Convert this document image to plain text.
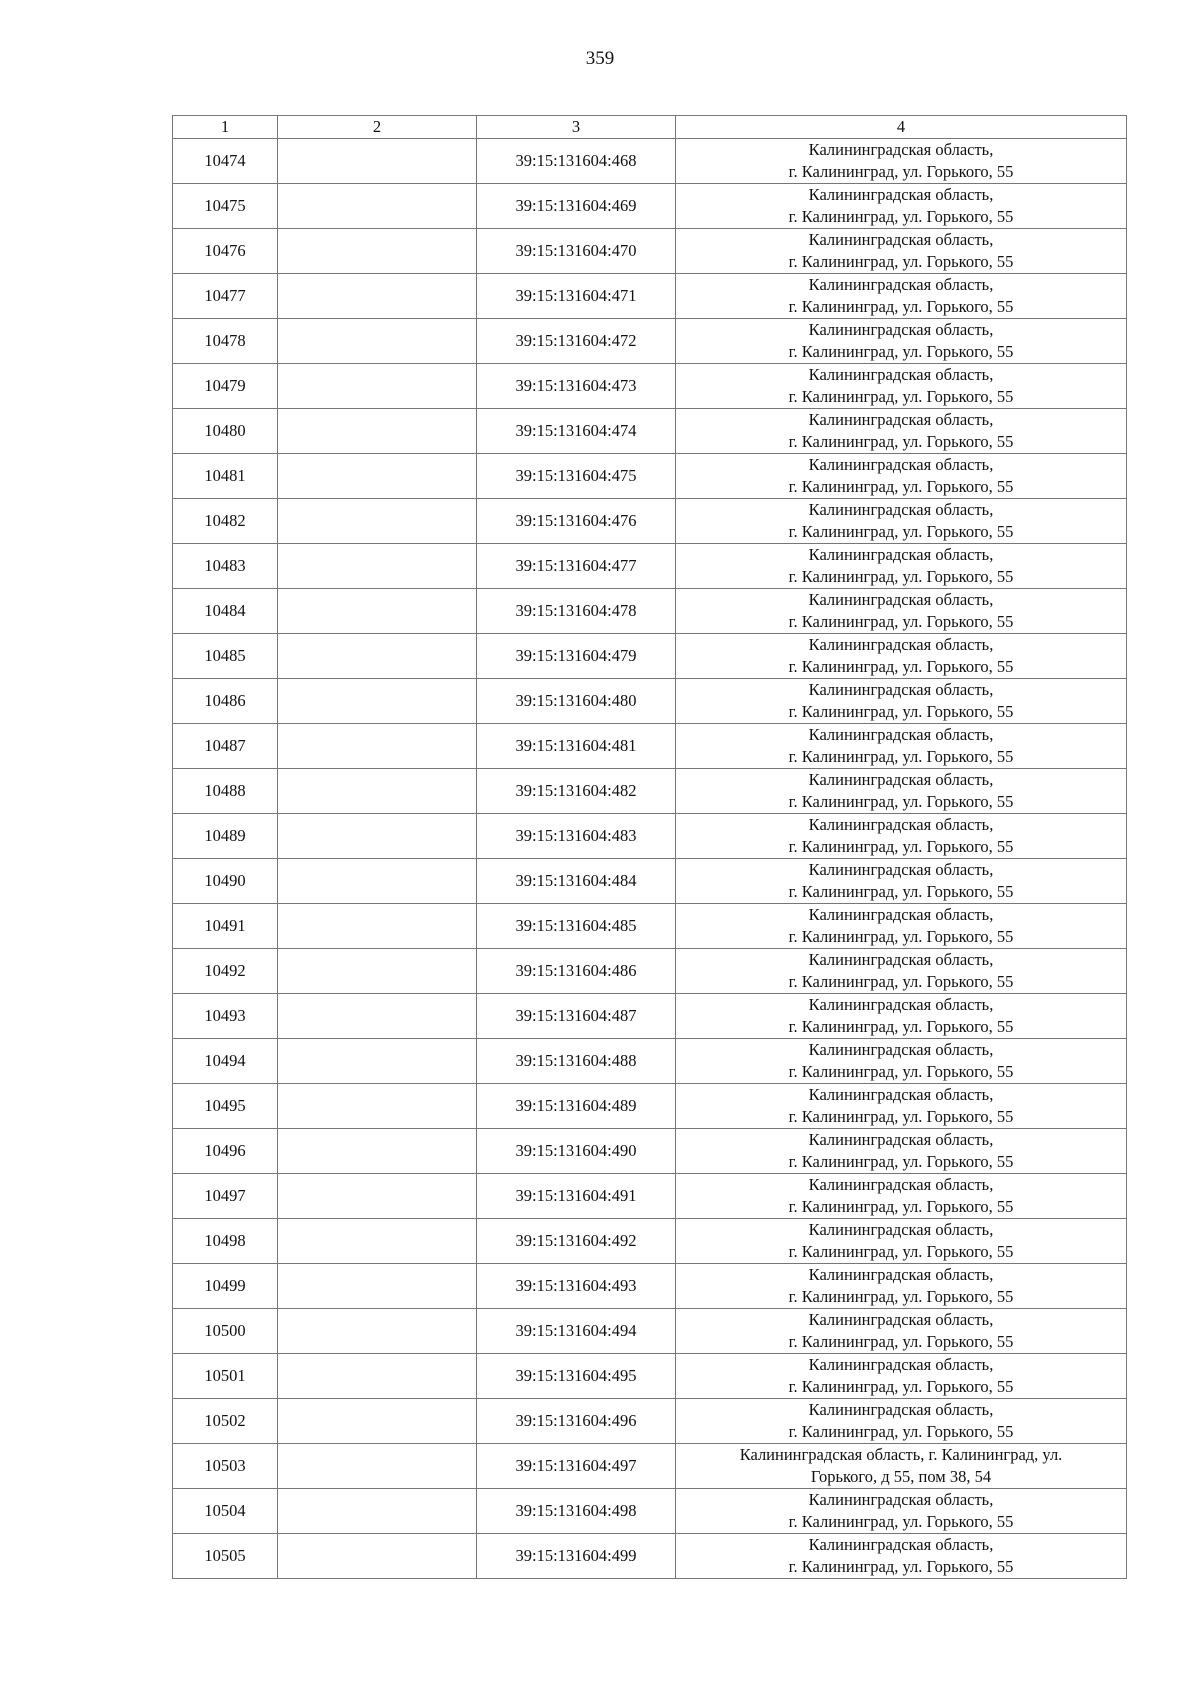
359
1	2	3	4
10474		39:15:131604:468	Калининградская область,
г. Калининград, ул. Горького, 55

10475		39:15:131604:469	Калининградская область,
г. Калининград, ул. Горького, 55

10476		39:15:131604:470	Калининградская область,
г. Калининград, ул. Горького, 55

10477		39:15:131604:471	Калининградская область,
г. Калининград, ул. Горького, 55

10478		39:15:131604:472	Калининградская область,
г. Калининград, ул. Горького, 55

10479		39:15:131604:473	Калининградская область,
г. Калининград, ул. Горького, 55

10480		39:15:131604:474	Калининградская область,
г. Калининград, ул. Горького, 55

10481		39:15:131604:475	Калининградская область,
г. Калининград, ул. Горького, 55

10482		39:15:131604:476	Калининградская область,
г. Калининград, ул. Горького, 55

10483		39:15:131604:477	Калининградская область,
г. Калининград, ул. Горького, 55

10484		39:15:131604:478	Калининградская область,
г. Калининград, ул. Горького, 55

10485		39:15:131604:479	Калининградская область,
г. Калининград, ул. Горького, 55

10486		39:15:131604:480	Калининградская область,
г. Калининград, ул. Горького, 55

10487		39:15:131604:481	Калининградская область,
г. Калининград, ул. Горького, 55

10488		39:15:131604:482	Калининградская область,
г. Калининград, ул. Горького, 55

10489		39:15:131604:483	Калининградская область,
г. Калининград, ул. Горького, 55

10490		39:15:131604:484	Калининградская область,
г. Калининград, ул. Горького, 55

10491		39:15:131604:485	Калининградская область,
г. Калининград, ул. Горького, 55

10492		39:15:131604:486	Калининградская область,
г. Калининград, ул. Горького, 55

10493		39:15:131604:487	Калининградская область,
г. Калининград, ул. Горького, 55

10494		39:15:131604:488	Калининградская область,
г. Калининград, ул. Горького, 55

10495		39:15:131604:489	Калининградская область,
г. Калининград, ул. Горького, 55

10496		39:15:131604:490	Калининградская область,
г. Калининград, ул. Горького, 55

10497		39:15:131604:491	Калининградская область,
г. Калининград, ул. Горького, 55

10498		39:15:131604:492	Калининградская область,
г. Калининград, ул. Горького, 55

10499		39:15:131604:493	Калининградская область,
г. Калининград, ул. Горького, 55

10500		39:15:131604:494	Калининградская область,
г. Калининград, ул. Горького, 55

10501		39:15:131604:495	Калининградская область,
г. Калининград, ул. Горького, 55

10502		39:15:131604:496	Калининградская область,
г. Калининград, ул. Горького, 55

10503		39:15:131604:497	Калининградская область, г. Калининград, ул.
Горького, д 55, пом 38, 54

10504		39:15:131604:498	Калининградская область,
г. Калининград, ул. Горького, 55

10505		39:15:131604:499	Калининградская область,
г. Калининград, ул. Горького, 55
